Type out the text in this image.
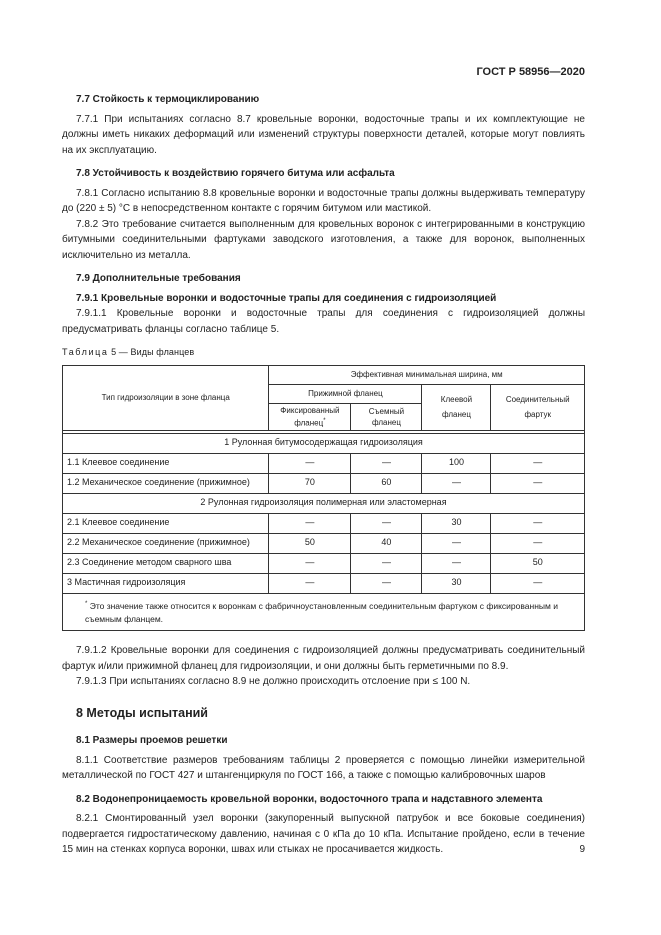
ГОСТ Р 58956—2020
7.7 Стойкость к термоциклированию

7.7.1 При испытаниях согласно 8.7 кровельные воронки, водосточные трапы и их комплектующие не должны иметь никаких деформаций или изменений структуры поверхности деталей, которые могут повлиять на их эксплуатацию.

7.8 Устойчивость к воздействию горячего битума или асфальта

7.8.1 Согласно испытанию 8.8 кровельные воронки и водосточные трапы должны выдерживать температуру до (220 ± 5) °С в непосредственном контакте с горячим битумом или мастикой.

7.8.2 Это требование считается выполненным для кровельных воронок с интегрированными в конструкцию битумными соединительными фартуками заводского изготовления, а также для воронок, выполненных исключительно из металла.

7.9 Дополнительные требования
7.9.1 Кровельные воронки и водосточные трапы для соединения с гидроизоляцией

7.9.1.1 Кровельные воронки и водосточные трапы для соединения с гидроизоляцией должны предусматривать фланцы согласно таблице 5.

Таблица 5 — Виды фланцев
Тип гидроизоляции в зоне фланца	Эффективная минимальная ширина, мм			
	Прижимной фланец		Клеевой фланец	Соединительный фартук
	Фиксированный фланец*	Съемный фланец		

1 Рулонная битумосодержащая гидроизоляция				
1.1 Клеевое соединение	—	—	100	—
1.2 Механическое соединение (прижимное)	70	60	—	—
2 Рулонная гидроизоляция полимерная или эластомерная				
2.1 Клеевое соединение	—	—	30	—
2.2 Механическое соединение (прижимное)	50	40	—	—
2.3 Соединение методом сварного шва	—	—	—	50
3 Мастичная гидроизоляция	—	—	30	—
* Это значение также относится к воронкам с фабричноустановленным соединительным фартуком с фиксированным и съемным фланцем.				

7.9.1.2 Кровельные воронки для соединения с гидроизоляцией должны предусматривать соединительный фартук и/или прижимной фланец для гидроизоляции, и они должны быть герметичными по 8.9.

7.9.1.3 При испытаниях согласно 8.9 не должно происходить отслоение при ≤ 100 N.

8 Методы испытаний
8.1 Размеры проемов решетки

8.1.1 Соответствие размеров требованиям таблицы 2 проверяется с помощью линейки измерительной металлической по ГОСТ 427 и штангенциркуля по ГОСТ 166, а также с помощью калибровочных шаров

8.2 Водонепроницаемость кровельной воронки, водосточного трапа и надставного элемента

8.2.1 Смонтированный узел воронки (закупоренный выпускной патрубок и все боковые соединения) подвергается гидростатическому давлению, начиная с 0 кПа до 10 кПа. Испытание пройдено, если в течение 15 мин на стенках корпуса воронки, швах или стыках не просачивается жидкость.	9
